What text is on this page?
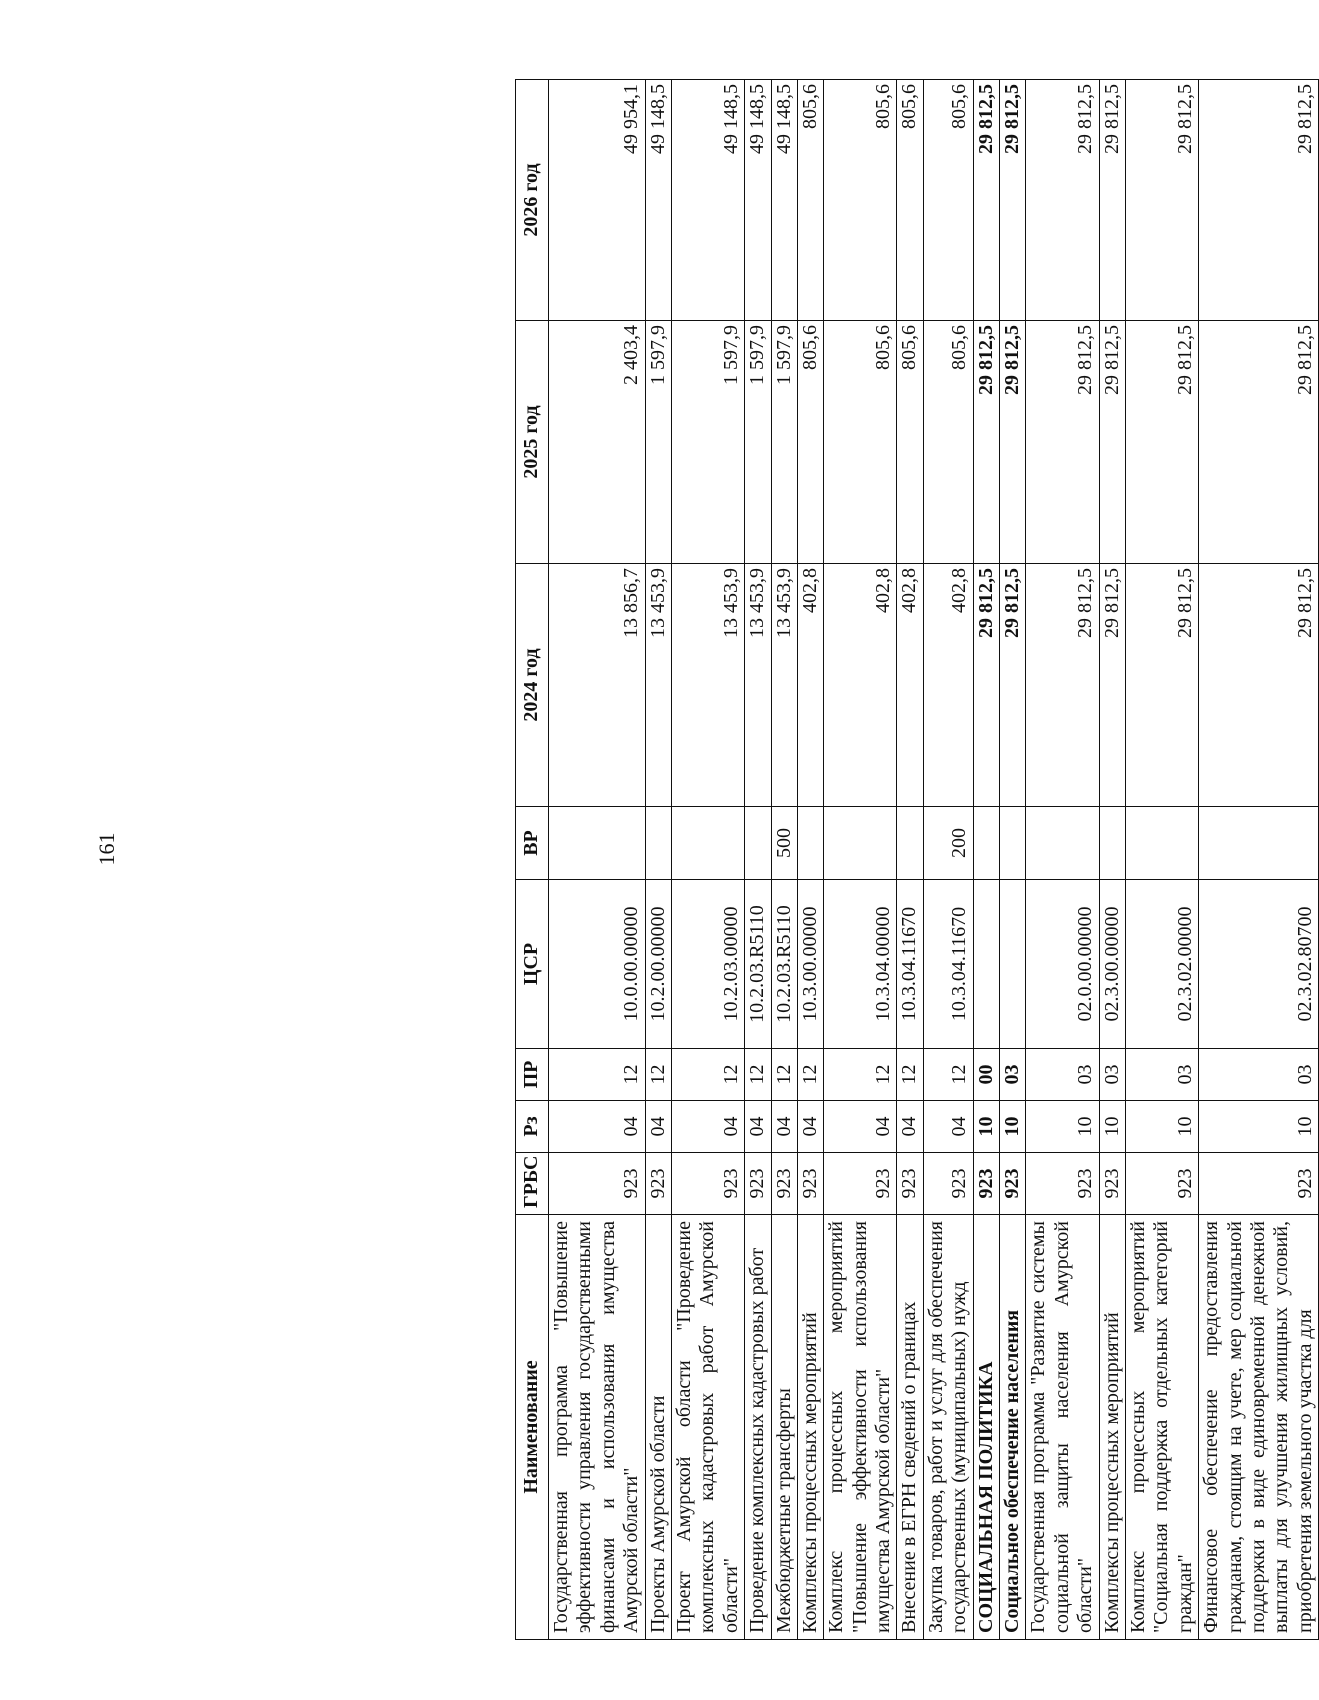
161
Наименование	ГРБС	Рз	ПР	ЦСР	ВР	2024 год	2025 год	2026 год
Государственная программа "Повышение эффективности управления государственными финансами и использования имущества Амурской области"	923	04	12	10.0.00.00000		13 856,7	2 403,4	49 954,1
Проекты Амурской области	923	04	12	10.2.00.00000		13 453,9	1 597,9	49 148,5
Проект Амурской области "Проведение комплексных кадастровых работ Амурской области"	923	04	12	10.2.03.00000		13 453,9	1 597,9	49 148,5
Проведение комплексных кадастровых работ	923	04	12	10.2.03.R5110		13 453,9	1 597,9	49 148,5
Межбюджетные трансферты	923	04	12	10.2.03.R5110	500	13 453,9	1 597,9	49 148,5
Комплексы процессных мероприятий	923	04	12	10.3.00.00000		402,8	805,6	805,6
Комплекс процессных мероприятий "Повышение эффективности использования имущества Амурской области"	923	04	12	10.3.04.00000		402,8	805,6	805,6
Внесение в ЕГРН сведений о границах	923	04	12	10.3.04.11670		402,8	805,6	805,6
Закупка товаров, работ и услуг для обеспечения государственных (муниципальных) нужд	923	04	12	10.3.04.11670	200	402,8	805,6	805,6
СОЦИАЛЬНАЯ ПОЛИТИКА	923	10	00			29 812,5	29 812,5	29 812,5
Социальное обеспечение населения	923	10	03			29 812,5	29 812,5	29 812,5
Государственная программа "Развитие системы социальной защиты населения Амурской области"	923	10	03	02.0.00.00000		29 812,5	29 812,5	29 812,5
Комплексы процессных мероприятий	923	10	03	02.3.00.00000		29 812,5	29 812,5	29 812,5
Комплекс процессных мероприятий "Социальная поддержка отдельных категорий граждан"	923	10	03	02.3.02.00000		29 812,5	29 812,5	29 812,5
Финансовое обеспечение предоставления гражданам, стоящим на учете, мер социальной поддержки в виде единовременной денежной выплаты для улучшения жилищных условий, приобретения земельного участка для	923	10	03	02.3.02.80700		29 812,5	29 812,5	29 812,5
